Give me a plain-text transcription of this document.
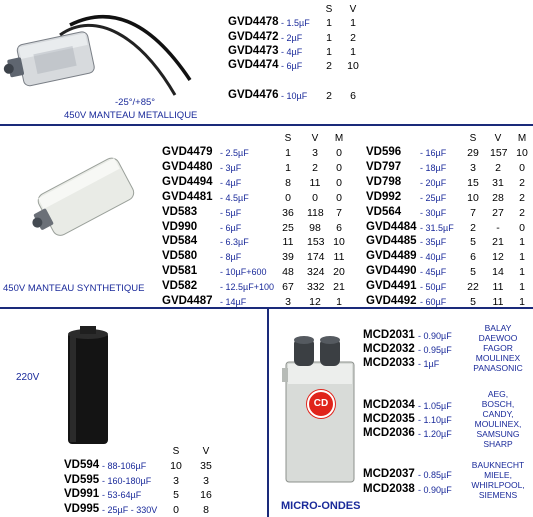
-25°/+85°
450V MANTEAU METALLIQUE
S	V
GVD4478 - 1.5µF	1	1
GVD4472 - 2µF	1	2
GVD4473 - 4µF	1	1
GVD4474 - 6µF	2	10
GVD4476 - 10µF	2	6
450V MANTEAU SYNTHETIQUE
S	V	M	S	V	M
220V
S	V
CD
MICRO-ONDES
GVD4479 - 2.5µF	1	3	0
GVD4480 - 3µF	1	2	0
GVD4494 - 4µF	8	11	0
GVD4481 - 4.5µF	0	0	0
VD583	- 5µF	36 118	7
VD990	- 6µF	25 98	6
VD584	- 6.3µF	11 153 10
VD580	- 8µF	39 174 11
VD581	- 10µF+600 48 324 20
VD582	- 12.5µF+100 67 332 21
GVD4487 - 14µF	3	12	1
VD596 - 16µF 29 157 10
VD797 - 18µF	3	2	0
VD798 - 20µF 15 31	2
VD992 - 25µF 10 28	2
VD564 - 30µF	7	27	2
GVD4484 - 31.5µF	2	-	0
GVD4485 - 35µF	5	21	1
GVD4489 - 40µF	6	12	1
GVD4490 - 45µF	5	14	1
GVD4491 - 50µF 22 11	1
GVD4492 - 60µF	5	11	1
VD594 - 88-106µF 10 35
VD595 - 160-180µF	3	3
VD991 - 53-64µF	5	16
VD995 - 25µF - 330V	0	8
MCD2031 - 0.90µF
MCD2032 - 0.95µF
MCD2033 - 1µF
BALAY
DAEWOO
FAGOR
MOULINEX
PANASONIC
MCD2034 - 1.05µF
MCD2035 - 1.10µF
MCD2036 - 1.20µF
AEG,
BOSCH,
CANDY,
MOULINEX,
SAMSUNG
SHARP
MCD2037 - 0.85µF
MCD2038 - 0.90µF
BAUKNECHT
MIELE,
WHIRLPOOL,
SIEMENS
